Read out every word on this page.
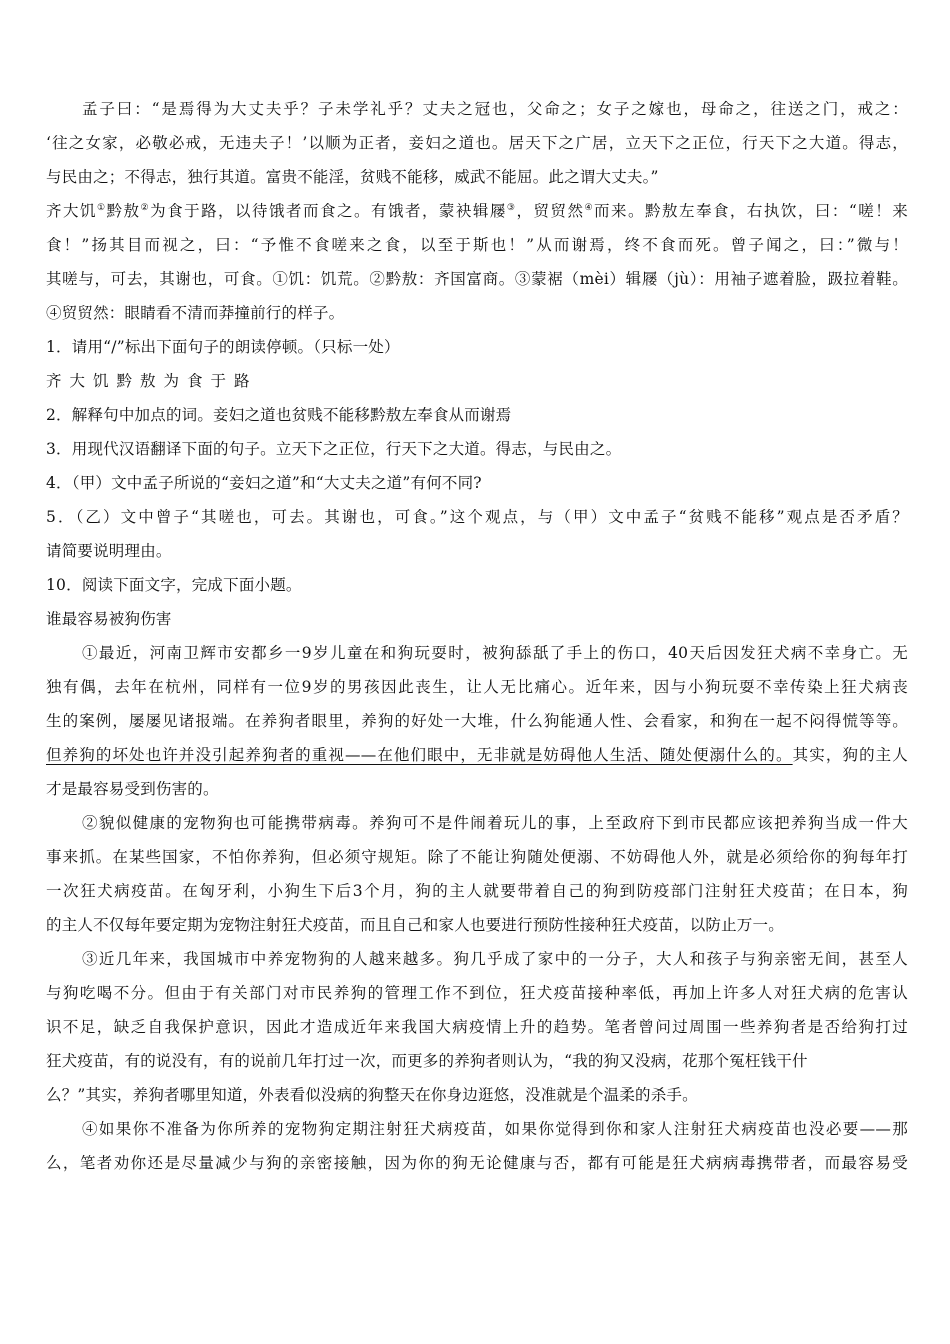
孟子曰：“是焉得为大丈夫乎？子未学礼乎？丈夫之冠也，父命之；女子之嫁也，母命之，往送之门，戒之：

‘往之女家，必敬必戒，无违夫子！’以顺为正者，妾妇之道也。居天下之广居，立天下之正位，行天下之大道。得志，

与民由之；不得志，独行其道。富贵不能淫，贫贱不能移，威武不能屈。此之谓大丈夫。”

齐大饥①黔敖②为食于路，以待饿者而食之。有饿者，蒙袂辑屦③，贸贸然④而来。黔敖左奉食，右执饮，曰：“嗟！来

食！”扬其目而视之，曰：“予惟不食嗟来之食，以至于斯也！”从而谢焉，终不食而死。曾子闻之，曰：”微与！

其嗟与，可去，其谢也，可食。①饥：饥荒。②黔敖：齐国富商。③蒙裾（mèi）辑屦（jù）：用袖子遮着脸，趿拉着鞋。

④贸贸然：眼睛看不清而莽撞前行的样子。

1．请用“/”标出下面句子的朗读停顿。（只标一处）

齐大饥黔敖为食于路

2．解释句中加点的词。妾妇之道也贫贱不能移黔敖左奉食从而谢焉

3．用现代汉语翻译下面的句子。立天下之正位，行天下之大道。得志，与民由之。

4．（甲）文中孟子所说的“妾妇之道”和“大丈夫之道”有何不同?

5．（乙）文中曾子“其嗟也，可去。其谢也，可食。”这个观点，与（甲）文中孟子“贫贱不能移”观点是否矛盾？

请简要说明理由。

10．阅读下面文字，完成下面小题。

谁最容易被狗伤害

①最近，河南卫辉市安都乡一9岁儿童在和狗玩耍时，被狗舔舐了手上的伤口，40天后因发狂犬病不幸身亡。无

独有偶，去年在杭州，同样有一位9岁的男孩因此丧生，让人无比痛心。近年来，因与小狗玩耍不幸传染上狂犬病丧

生的案例，屡屡见诸报端。在养狗者眼里，养狗的好处一大堆，什么狗能通人性、会看家，和狗在一起不闷得慌等等。

但养狗的坏处也许并没引起养狗者的重视——在他们眼中，无非就是妨碍他人生活、随处便溺什么的。其实，狗的主人

才是最容易受到伤害的。

②貌似健康的宠物狗也可能携带病毒。养狗可不是件闹着玩儿的事，上至政府下到市民都应该把养狗当成一件大

事来抓。在某些国家，不怕你养狗，但必须守规矩。除了不能让狗随处便溺、不妨碍他人外，就是必须给你的狗每年打

一次狂犬病疫苗。在匈牙利，小狗生下后3个月，狗的主人就要带着自己的狗到防疫部门注射狂犬疫苗；在日本，狗

的主人不仅每年要定期为宠物注射狂犬疫苗，而且自己和家人也要进行预防性接种狂犬疫苗，以防止万一。

③近几年来，我国城市中养宠物狗的人越来越多。狗几乎成了家中的一分子，大人和孩子与狗亲密无间，甚至人

与狗吃喝不分。但由于有关部门对市民养狗的管理工作不到位，狂犬疫苗接种率低，再加上许多人对狂犬病的危害认

识不足，缺乏自我保护意识，因此才造成近年来我国大病疫情上升的趋势。笔者曾问过周围一些养狗者是否给狗打过

狂犬疫苗，有的说没有，有的说前几年打过一次，而更多的养狗者则认为，“我的狗又没病，花那个冤枉钱干什

么？”其实，养狗者哪里知道，外表看似没病的狗整天在你身边逛悠，没准就是个温柔的杀手。

④如果你不准备为你所养的宠物狗定期注射狂犬病疫苗，如果你觉得到你和家人注射狂犬病疫苗也没必要——那

么，笔者劝你还是尽量减少与狗的亲密接触，因为你的狗无论健康与否，都有可能是狂犬病病毒携带者，而最容易受
